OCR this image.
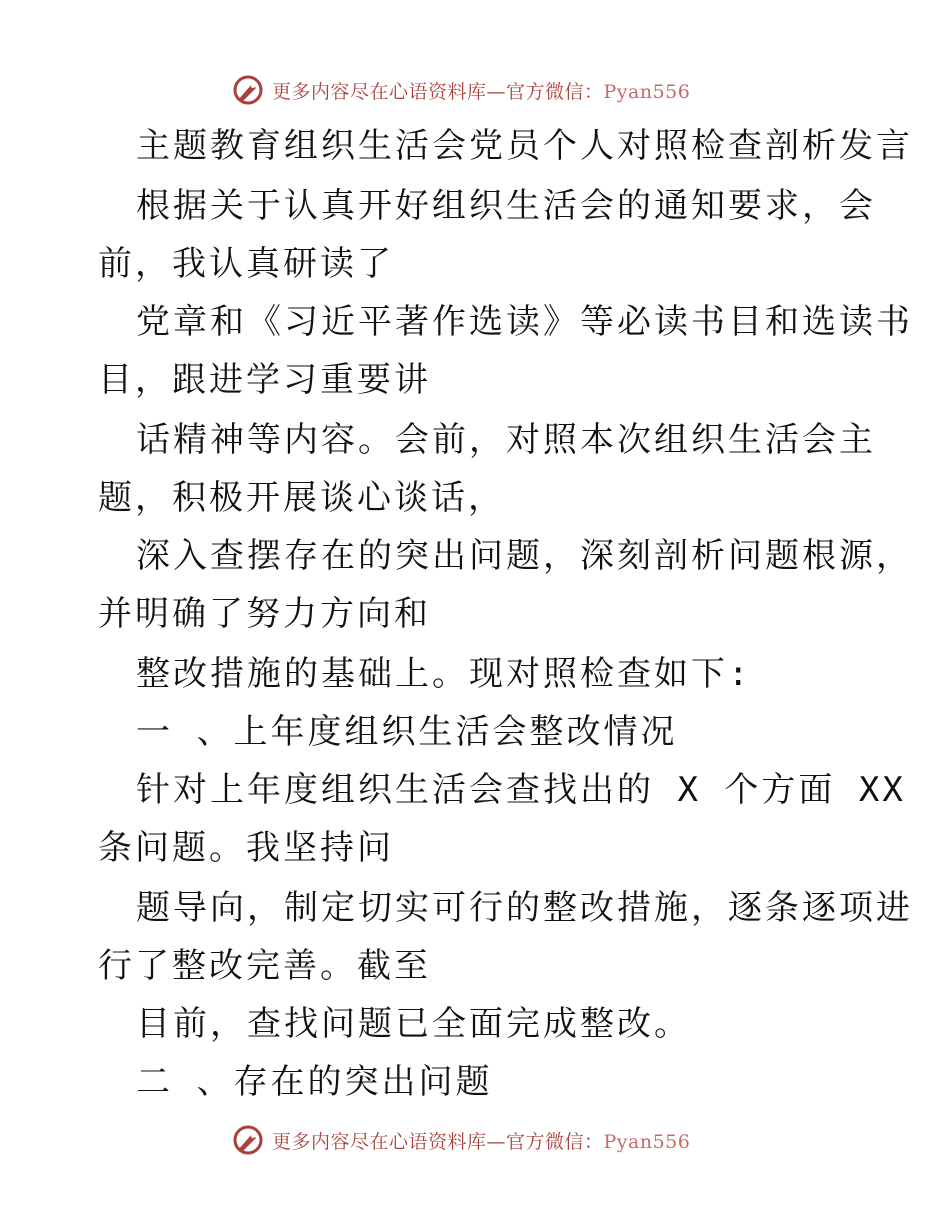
更多内容尽在心语资料库—官方微信：Pyan556
主题教育组织生活会党员个人对照检查剖析发言
根据关于认真开好组织生活会的通知要求，会
前，我认真研读了
党章和《习近平著作选读》等必读书目和选读书
目，跟进学习重要讲
话精神等内容。会前，对照本次组织生活会主
题，积极开展谈心谈话，
深入查摆存在的突出问题，深刻剖析问题根源，
并明确了努力方向和
整改措施的基础上。现对照检查如下:
一 、上年度组织生活会整改情况
针对上年度组织生活会查找出的 X 个方面 XX
条问题。我坚持问
题导向，制定切实可行的整改措施，逐条逐项进
行了整改完善。截至
目前，查找问题已全面完成整改。
二 、存在的突出问题
更多内容尽在心语资料库—官方微信：Pyan556
